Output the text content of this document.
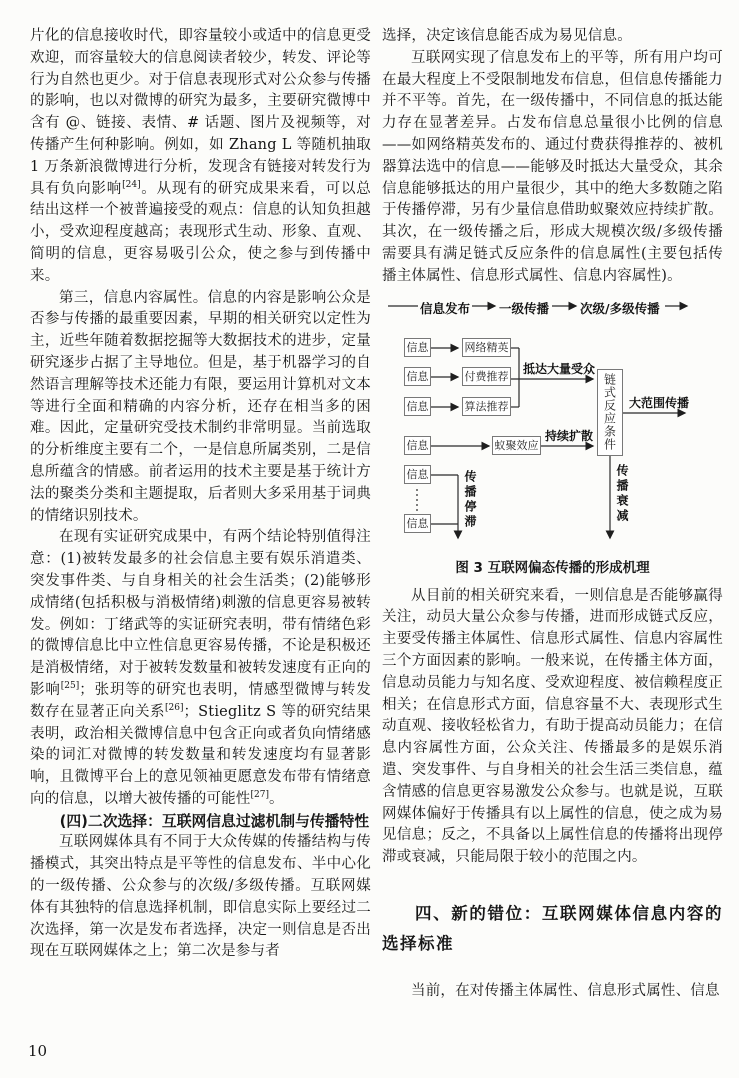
片化的信息接收时代，即容量较小或适中的信息更受欢迎，而容量较大的信息阅读者较少，转发、评论等行为自然也更少。对于信息表现形式对公众参与传播的影响，也以对微博的研究为最多，主要研究微博中含有 @、链接、表情、# 话题、图片及视频等，对传播产生何种影响。例如，如 Zhang L 等随机抽取 1 万条新浪微博进行分析，发现含有链接对转发行为具有负向影响[24]。从现有的研究成果来看，可以总结出这样一个被普遍接受的观点：信息的认知负担越小，受欢迎程度越高；表现形式生动、形象、直观、简明的信息，更容易吸引公众，使之参与到传播中来。

第三，信息内容属性。信息的内容是影响公众是否参与传播的最重要因素，早期的相关研究以定性为主，近些年随着数据挖掘等大数据技术的进步，定量研究逐步占据了主导地位。但是，基于机器学习的自然语言理解等技术还能力有限，要运用计算机对文本等进行全面和精确的内容分析，还存在相当多的困难。因此，定量研究受技术制约非常明显。当前选取的分析维度主要有二个，一是信息所属类别，二是信息所蕴含的情感。前者运用的技术主要是基于统计方法的聚类分类和主题提取，后者则大多采用基于词典的情绪识别技术。

在现有实证研究成果中，有两个结论特别值得注意：(1)被转发最多的社会信息主要有娱乐消遣类、突发事件类、与自身相关的社会生活类；(2)能够形成情绪(包括积极与消极情绪)刺激的信息更容易被转发。例如：丁绪武等的实证研究表明，带有情绪色彩的微博信息比中立性信息更容易传播，不论是积极还是消极情绪，对于被转发数量和被转发速度有正向的影响[25]；张玥等的研究也表明，情感型微博与转发数存在显著正向关系[26]；Stieglitz S 等的研究结果表明，政治相关微博信息中包含正向或者负向情绪感染的词汇对微博的转发数量和转发速度均有显著影响，且微博平台上的意见领袖更愿意发布带有情绪意向的信息，以增大被传播的可能性[27]。

(四)二次选择：互联网信息过滤机制与传播特性

互联网媒体具有不同于大众传媒的传播结构与传播模式，其突出特点是平等性的信息发布、半中心化的一级传播、公众参与的次级/多级传播。互联网媒体有其独特的信息选择机制，即信息实际上要经过二次选择，第一次是发布者选择，决定一则信息是否出现在互联网媒体之上；第二次是参与者

选择，决定该信息能否成为易见信息。

互联网实现了信息发布上的平等，所有用户均可在最大程度上不受限制地发布信息，但信息传播能力并不平等。首先，在一级传播中，不同信息的抵达能力存在显著差异。占发布信息总量很小比例的信息——如网络精英发布的、通过付费获得推荐的、被机器算法选中的信息——能够及时抵达大量受众，其余信息能够抵达的用户量很少，其中的绝大多数随之陷于传播停滞，另有少量信息借助蚁聚效应持续扩散。其次，在一级传播之后，形成大规模次级/多级传播需要具有满足链式反应条件的信息属性(主要包括传播主体属性、信息形式属性、信息内容属性)。

信息发布 一级传播 次级/多级传播
信息
信息
信息
信息
信息
信息
网络精英
付费推荐
算法推荐
蚁聚效应	链式反应条件
抵达大量受众
持续扩散
大范围传播
传播衰减
传播停滞
图 3 互联网偏态传播的形成机理

从目前的相关研究来看，一则信息是否能够赢得关注，动员大量公众参与传播，进而形成链式反应，主要受传播主体属性、信息形式属性、信息内容属性三个方面因素的影响。一般来说，在传播主体方面，信息动员能力与知名度、受欢迎程度、被信赖程度正相关；在信息形式方面，信息容量不大、表现形式生动直观、接收轻松省力，有助于提高动员能力；在信息内容属性方面，公众关注、传播最多的是娱乐消遣、突发事件、与自身相关的社会生活三类信息，蕴含情感的信息更容易激发公众参与。也就是说，互联网媒体偏好于传播具有以上属性的信息，使之成为易见信息；反之，不具备以上属性信息的传播将出现停滞或衰减，只能局限于较小的范围之内。

四、新的错位：互联网媒体信息内容的选择标准

当前，在对传播主体属性、信息形式属性、信息

10
